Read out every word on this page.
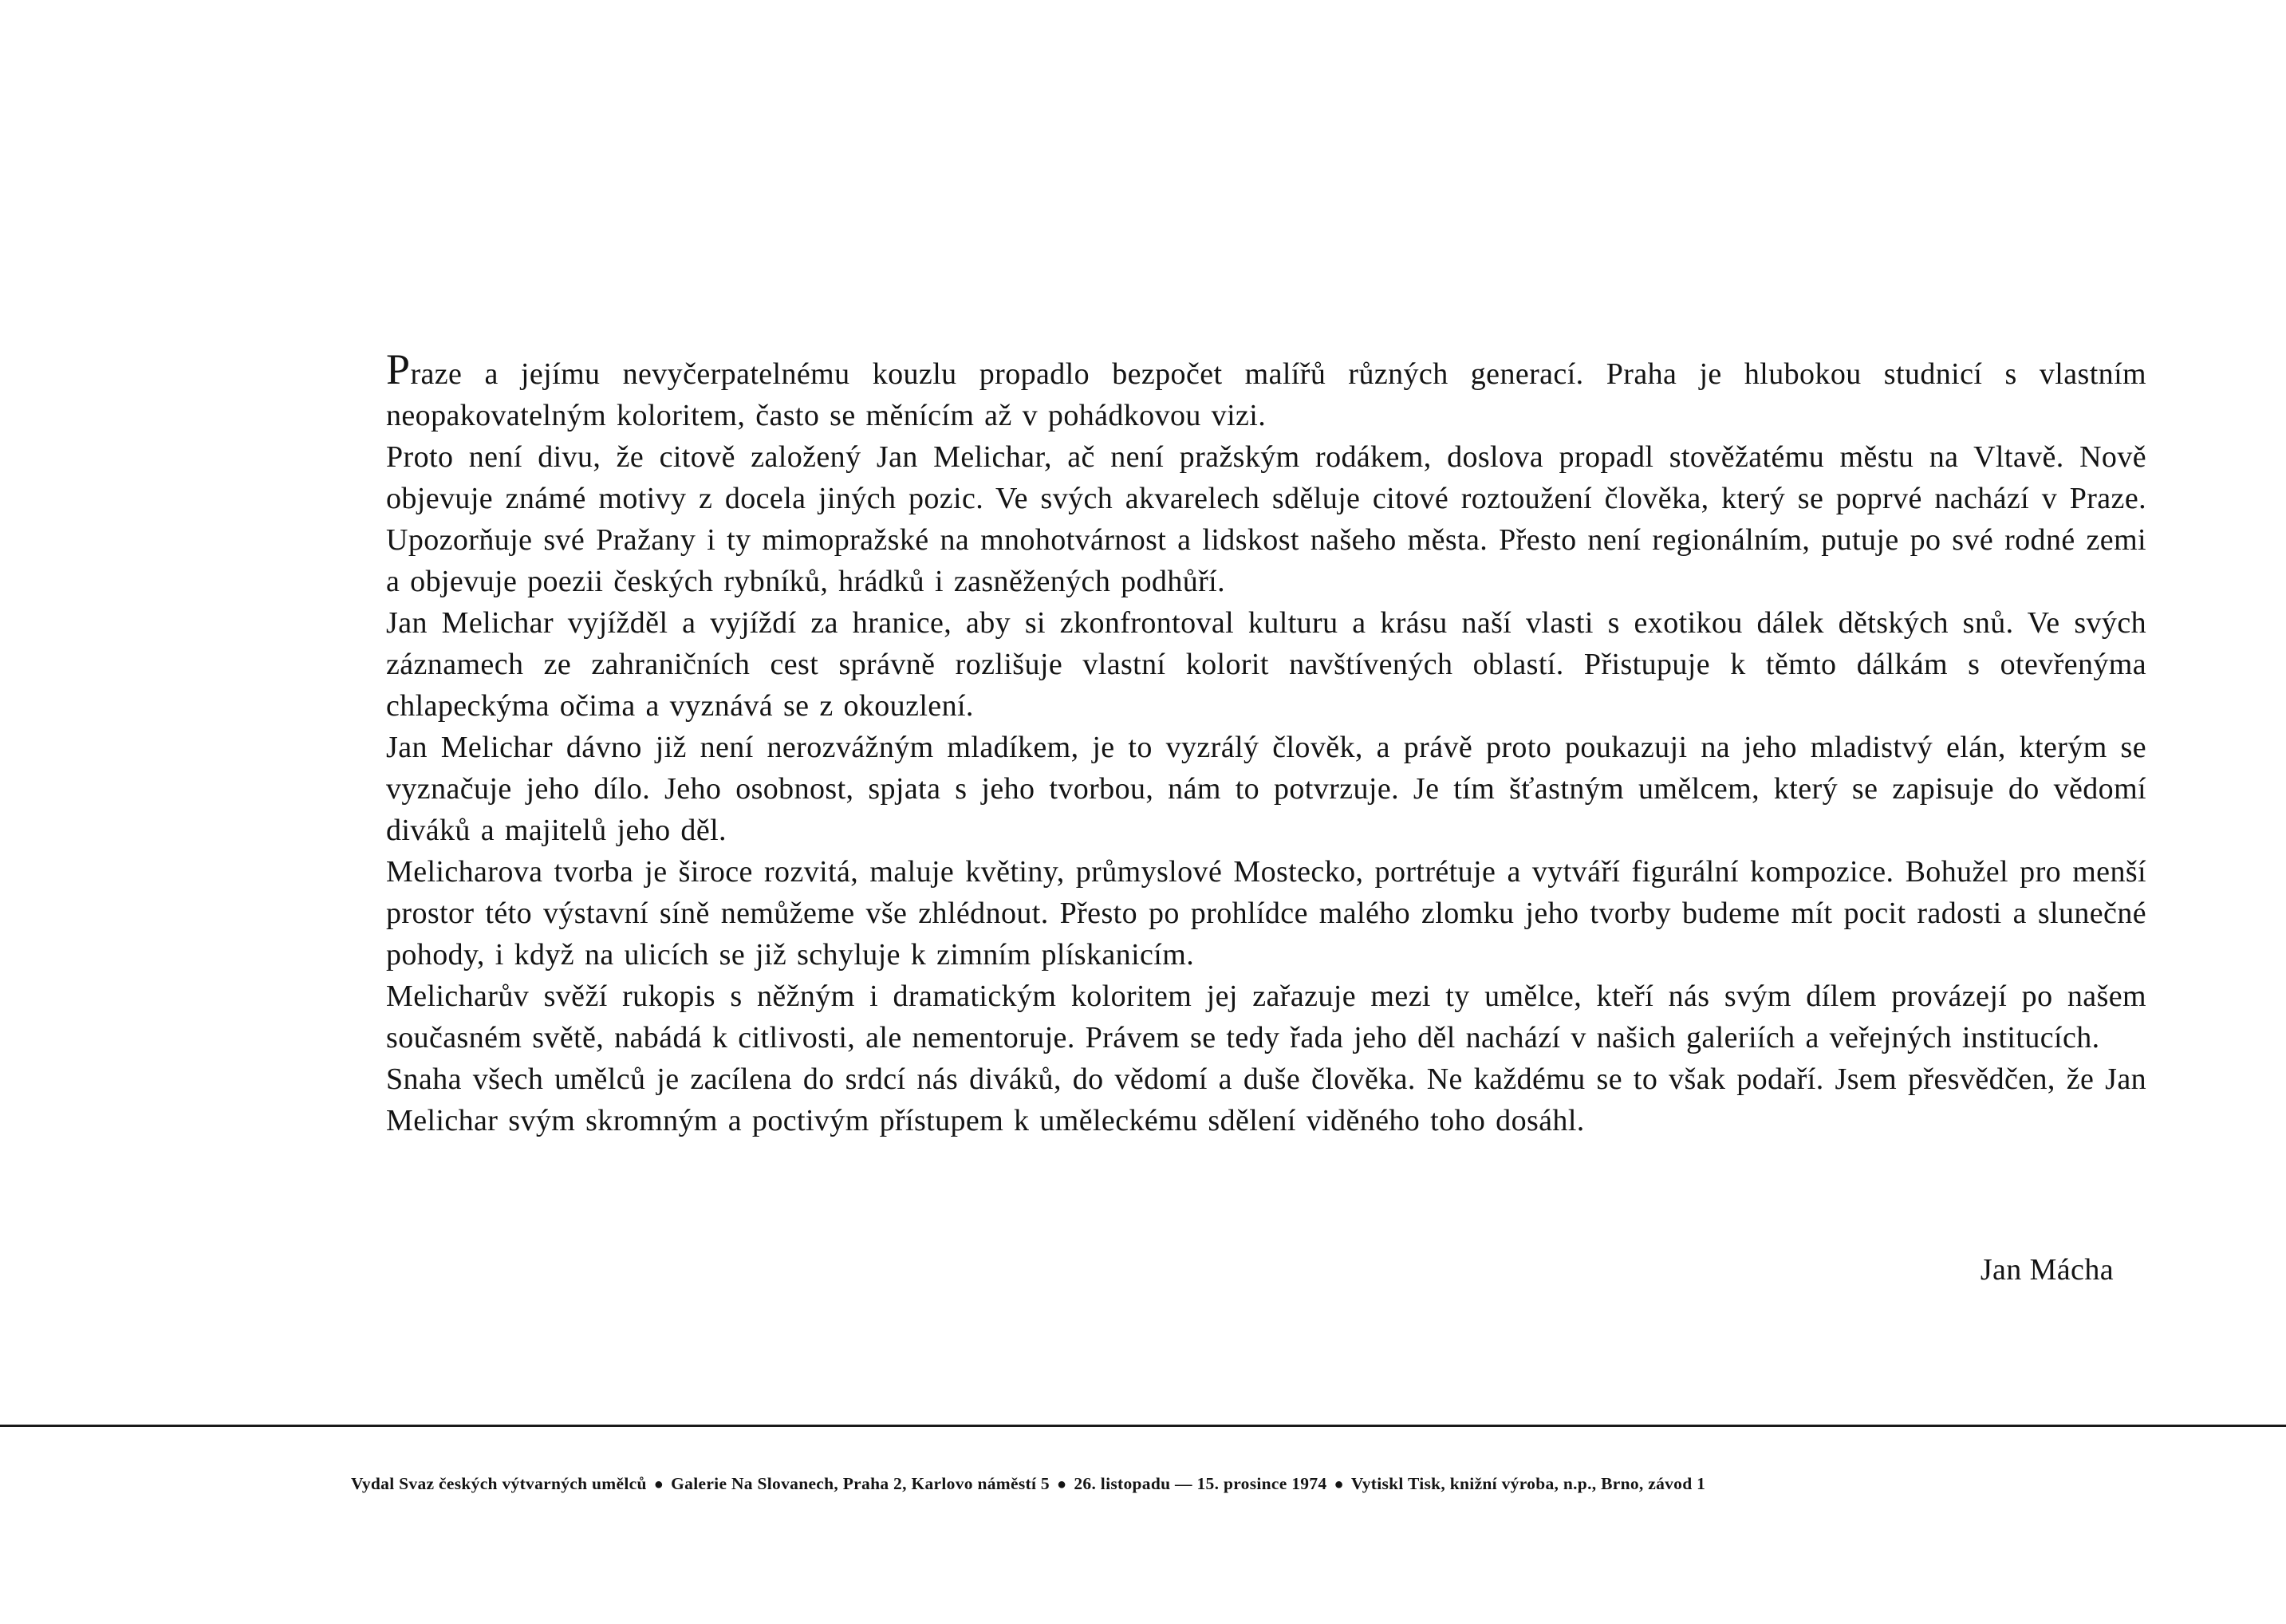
Praze a jejímu nevyčerpatelnému kouzlu propadlo bezpočet malířů různých generací. Praha je hlubokou studnicí s vlastním neopakovatelným koloritem, často se měnícím až v pohádkovou vizi.

Proto není divu, že citově založený Jan Melichar, ač není pražským rodákem, doslova propadl stověžatému městu na Vltavě. Nově objevuje známé motivy z docela jiných pozic. Ve svých akvarelech sděluje citové roztoužení člověka, který se poprvé nachází v Praze. Upozorňuje své Pražany i ty mimopražské na mnohotvárnost a lidskost našeho města. Přesto není regionálním, putuje po své rodné zemi a objevuje poezii českých rybníků, hrádků i zasněžených podhůří.

Jan Melichar vyjížděl a vyjíždí za hranice, aby si zkonfrontoval kulturu a krásu naší vlasti s exotikou dálek dětských snů. Ve svých záznamech ze zahraničních cest správně rozlišuje vlastní kolorit navštívených oblastí. Přistupuje k těmto dálkám s otevřenýma chlapeckýma očima a vyznává se z okouzlení.

Jan Melichar dávno již není nerozvážným mladíkem, je to vyzrálý člověk, a právě proto poukazuji na jeho mladistvý elán, kterým se vyznačuje jeho dílo. Jeho osobnost, spjata s jeho tvorbou, nám to potvrzuje. Je tím šťastným umělcem, který se zapisuje do vědomí diváků a majitelů jeho děl.

Melicharova tvorba je široce rozvitá, maluje květiny, průmyslové Mostecko, portrétuje a vytváří figurální kompozice. Bohužel pro menší prostor této výstavní síně nemůžeme vše zhlédnout. Přesto po prohlídce malého zlomku jeho tvorby budeme mít pocit radosti a slunečné pohody, i když na ulicích se již schyluje k zimním plískanicím.

Melicharův svěží rukopis s něžným i dramatickým koloritem jej zařazuje mezi ty umělce, kteří nás svým dílem provázejí po našem současném světě, nabádá k citlivosti, ale nementoruje. Právem se tedy řada jeho děl nachází v našich galeriích a veřejných institucích.

Snaha všech umělců je zacílena do srdcí nás diváků, do vědomí a duše člověka. Ne každému se to však podaří. Jsem přesvědčen, že Jan Melichar svým skromným a poctivým přístupem k uměleckému sdělení viděného toho dosáhl.

Jan Mácha
Vydal Svaz českých výtvarných umělců ● Galerie Na Slovanech, Praha 2, Karlovo náměstí 5 ● 26. listopadu — 15. prosince 1974 ● Vytiskl Tisk, knižní výroba, n.p., Brno, závod 1
